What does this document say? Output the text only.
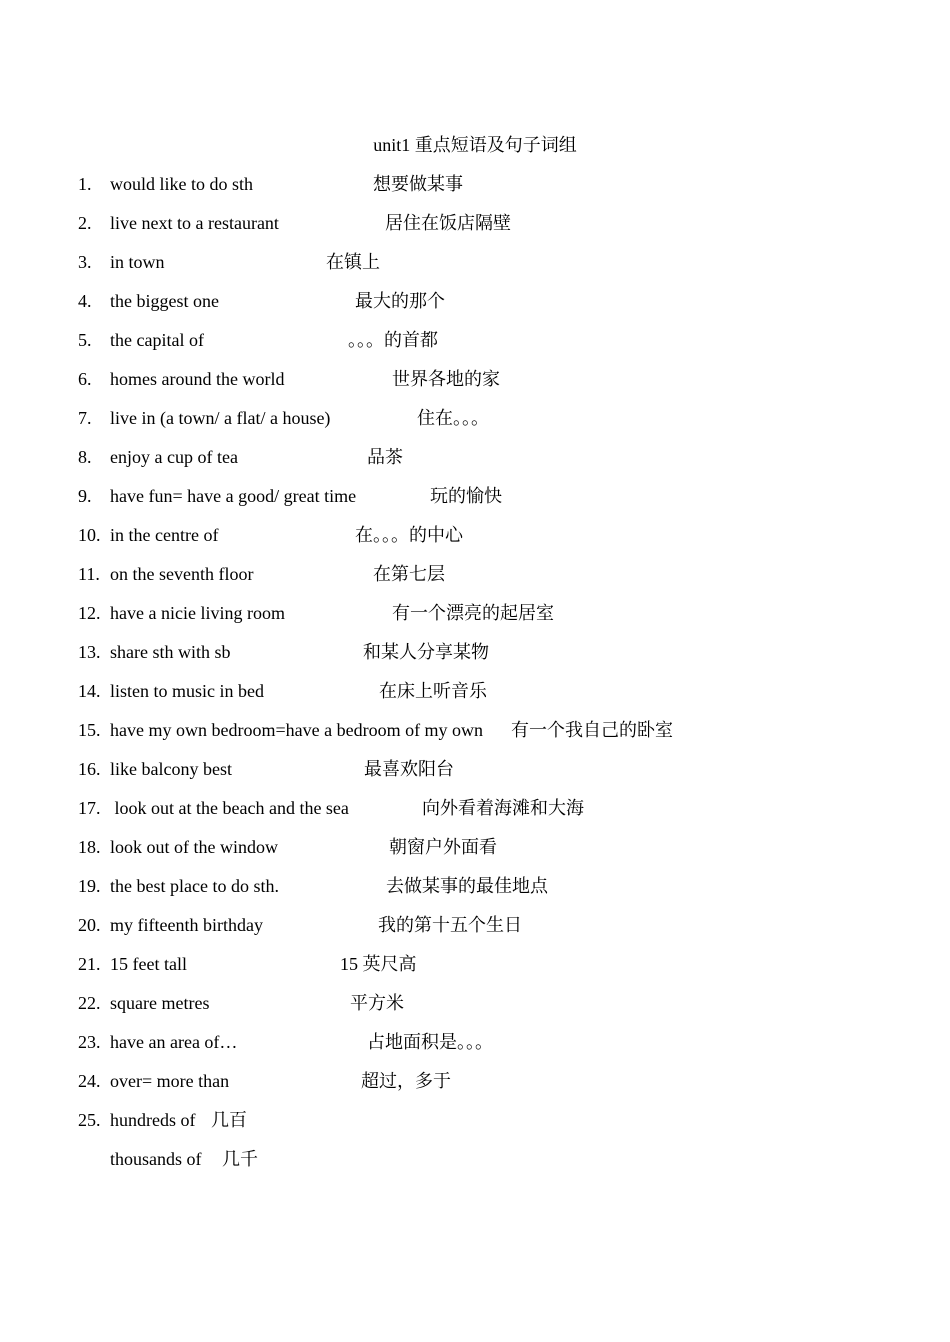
unit1 重点短语及句子词组
1. would like to do sth	想要做某事
2. live next to a restaurant	居住在饭店隔壁
3. in town	在镇上
4. the biggest one	最大的那个
5. the capital of	。。。的首都
6. homes around the world	世界各地的家
7. live in (a town/ a flat/ a house)	住在。。。
8. enjoy a cup of tea	品茶
9. have fun= have a good/ great time	玩的愉快
10. in the centre of	在。。。的中心
11. on the seventh floor	在第七层
12. have a nicie living room	有一个漂亮的起居室
13. share sth with sb	和某人分享某物
14. listen to music in bed	在床上听音乐
15. have my own bedroom=have a bedroom of my own 有一个我自己的卧室
16. like balcony best	最喜欢阳台
17. look out at the beach and the sea	向外看着海滩和大海
18. look out of the window	朝窗户外面看
19. the best place to do sth.	去做某事的最佳地点
20. my fifteenth birthday	我的第十五个生日
21. 15 feet tall	15 英尺高
22. square metres	平方米
23. have an area of…	占地面积是。。。
24. over= more than	超过，多于
25. hundreds of 几百
thousands of 几千
